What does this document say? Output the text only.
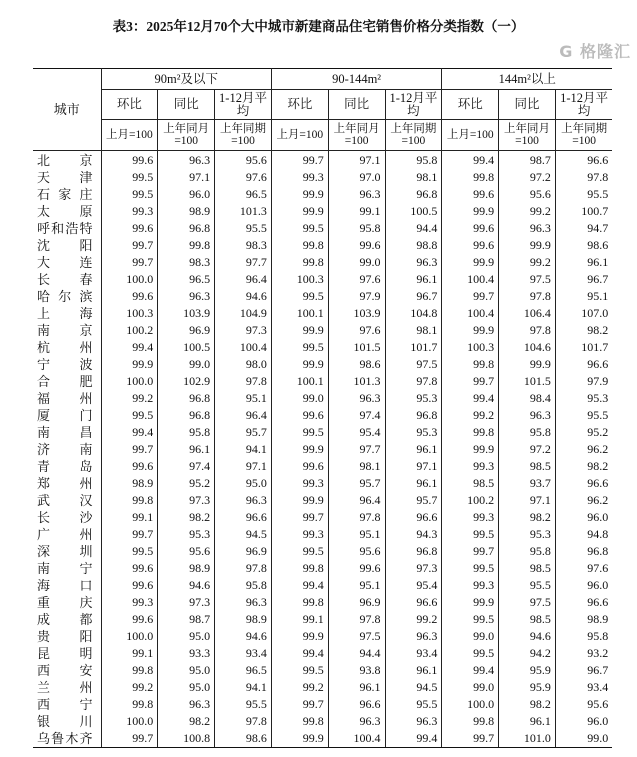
表3：2025年12月70个大中城市新建商品住宅销售价格分类指数（一）
城市	90m²及以下			90-144m²			144m²以上		
	环比	同比	1-12月平均	环比	同比	1-12月平均	环比	同比	1-12月平均
	上月=100	上年同月=100	上年同期=100	上月=100	上年同月=100	上年同期=100	上月=100	上年同月=100	上年同期=100
北京	99.6	96.3	95.6	99.7	97.1	95.8	99.4	98.7	96.6
天津	99.5	97.1	97.6	99.3	97.0	98.1	99.8	97.2	97.8
石家庄	99.5	96.0	96.5	99.9	96.3	96.8	99.6	95.6	95.5
太原	99.3	98.9	101.3	99.9	99.1	100.5	99.9	99.2	100.7
呼和浩特	99.6	96.8	95.5	99.5	95.8	94.4	99.6	96.3	94.7
沈阳	99.7	99.8	98.3	99.8	99.6	98.8	99.6	99.9	98.6
大连	99.7	98.3	97.7	99.8	99.0	96.3	99.9	99.2	96.1
长春	100.0	96.5	96.4	100.3	97.6	96.1	100.4	97.5	96.7
哈尔滨	99.6	96.3	94.6	99.5	97.9	96.7	99.7	97.8	95.1
上海	100.3	103.9	104.9	100.1	103.9	104.8	100.4	106.4	107.0
南京	100.2	96.9	97.3	99.9	97.6	98.1	99.9	97.8	98.2
杭州	99.4	100.5	100.4	99.5	101.5	101.7	100.3	104.6	101.7
宁波	99.9	99.0	98.0	99.9	98.6	97.5	99.8	99.9	96.6
合肥	100.0	102.9	97.8	100.1	101.3	97.8	99.7	101.5	97.9
福州	99.2	96.8	95.1	99.0	96.3	95.3	99.4	98.4	95.3
厦门	99.5	96.8	96.4	99.6	97.4	96.8	99.2	96.3	95.5
南昌	99.4	95.8	95.7	99.5	95.4	95.3	99.8	95.8	95.2
济南	99.7	96.1	94.1	99.9	97.7	96.1	99.9	97.2	96.2
青岛	99.6	97.4	97.1	99.6	98.1	97.1	99.3	98.5	98.2
郑州	98.9	95.2	95.0	99.3	95.7	96.1	98.5	93.7	96.6
武汉	99.8	97.3	96.3	99.9	96.4	95.7	100.2	97.1	96.2
长沙	99.1	98.2	96.6	99.7	97.8	96.6	99.3	98.2	96.0
广州	99.7	95.3	94.5	99.3	95.1	94.3	99.5	95.3	94.8
深圳	99.5	95.6	96.9	99.5	95.6	96.8	99.7	95.8	96.8
南宁	99.6	98.9	97.8	99.8	99.6	97.3	99.5	98.5	97.6
海口	99.6	94.6	95.8	99.4	95.1	95.4	99.3	95.5	96.0
重庆	99.3	97.3	96.3	99.8	96.9	96.6	99.9	97.5	96.6
成都	99.6	98.7	98.9	99.1	97.8	99.2	99.5	98.5	98.9
贵阳	100.0	95.0	94.6	99.9	97.5	96.3	99.0	94.6	95.8
昆明	99.1	93.3	93.4	99.4	94.4	93.4	99.5	94.2	93.2
西安	99.8	95.0	96.5	99.5	93.8	96.1	99.4	95.9	96.7
兰州	99.2	95.0	94.1	99.2	96.1	94.5	99.0	95.9	93.4
西宁	99.8	96.3	95.5	99.7	96.6	95.5	100.0	98.2	95.6
银川	100.0	98.2	97.8	99.8	96.3	96.3	99.8	96.1	96.0
乌鲁木齐	99.7	100.8	98.6	99.9	100.4	99.4	99.7	101.0	99.0
G 格隆汇
